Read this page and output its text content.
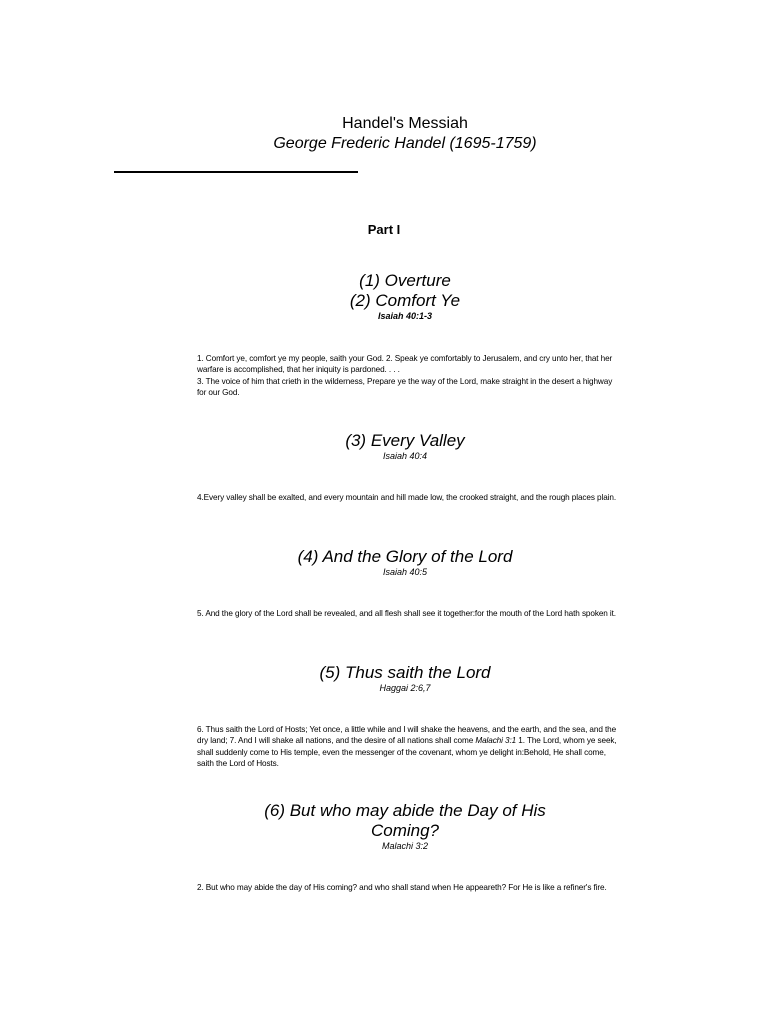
Handel's Messiah
George Frederic Handel (1695-1759)
Part I
(1) Overture
(2) Comfort Ye
Isaiah 40:1-3

1. Comfort ye, comfort ye my people, saith your God. 2. Speak ye comfortably to Jerusalem, and cry unto her, that her warfare is accomplished, that her iniquity is pardoned. . . .

3. The voice of him that crieth in the wilderness, Prepare ye the way of the Lord, make straight in the desert a highway for our God.

(3) Every Valley
Isaiah 40:4

4.Every valley shall be exalted, and every mountain and hill made low, the crooked straight, and the rough places plain.

(4) And the Glory of the Lord
Isaiah 40:5

5. And the glory of the Lord shall be revealed, and all flesh shall see it together:for the mouth of the Lord hath spoken it.

(5) Thus saith the Lord
Haggai 2:6,7

6. Thus saith the Lord of Hosts; Yet once, a little while and I will shake the heavens, and the earth, and the sea, and the dry land; 7. And I will shake all nations, and the desire of all nations shall come Malachi 3:1 1. The Lord, whom ye seek, shall suddenly come to His temple, even the messenger of the covenant, whom ye delight in:Behold, He shall come, saith the Lord of Hosts.

(6) But who may abide the Day of His
Coming?
Malachi 3:2

2. But who may abide the day of His coming? and who shall stand when He appeareth? For He is like a refiner's fire.
